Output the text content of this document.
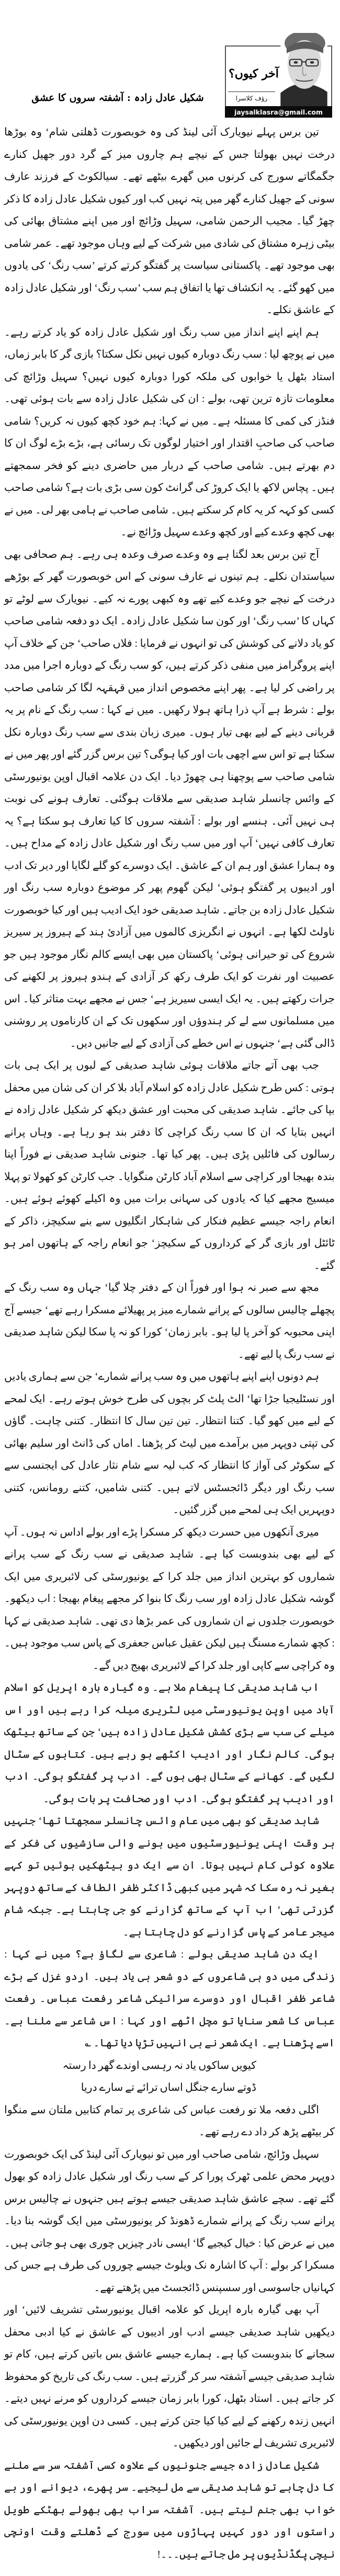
آخر کیوں؟
رؤف کلاسرا
jaysalklasra@gmail.com
شکیل عادل زادہ : آشفتہ سروں کا عشق

تین برس پہلے نیویارک آئی لینڈ کی وہ خوبصورت ڈھلتی شام‘ وہ بوڑھا درخت نہیں بھولتا جس کے نیچے ہم چاروں میز کے گرد دور جھیل کنارے جگمگاتے سورج کی کرنوں میں گھرے بیٹھے تھے۔ سیالکوٹ کے فرزند عارف سونی کے جھیل کنارے گھر میں پتہ نہیں کب اور کیوں شکیل عادل زادہ کا ذکر چھڑ گیا۔ مجیب الرحمن شامی، سہیل وڑائچ اور میں اپنے مشتاق بھائی کی بیٹی زہرہ مشتاق کی شادی میں شرکت کے لیے وہاں موجود تھے۔ عمر شامی بھی موجود تھے۔ پاکستانی سیاست پر گفتگو کرتے کرتے ’سب رنگ‘ کی یادوں میں کھو گئے۔ یہ انکشاف تھا یا اتفاق ہم سب ’سب رنگ‘ اور شکیل عادل زادہ کے عاشق نکلے۔

ہم اپنے اپنے انداز میں سب رنگ اور شکیل عادل زادہ کو یاد کرتے رہے۔ میں نے پوچھ لیا : سب رنگ دوبارہ کیوں نہیں نکل سکتا؟ بازی گر کا بابر زماں، استاد بٹھل یا خوابوں کی ملکہ کورا دوبارہ کیوں نہیں؟ سہیل وڑائچ کی معلومات تازہ ترین تھی، بولے : ان کی شکیل عادل زادہ سے بات ہوئی تھی۔ فنڈز کی کمی کا مسئلہ ہے۔ میں نے کہا: ہم خود کچھ کیوں نہ کریں؟ شامی صاحب کی صاحبِ اقتدار اور اختیار لوگوں تک رسائی ہے، بڑے بڑے لوگ ان کا دم بھرتے ہیں۔ شامی صاحب کے دربار میں حاضری دینے کو فخر سمجھتے ہیں۔ پچاس لاکھ یا ایک کروڑ کی گرانٹ کون سی بڑی بات ہے؟ شامی صاحب کسی کو کہہ کر یہ کام کر سکتے ہیں۔ شامی صاحب نے ہامی بھر لی۔ میں نے بھی کچھ وعدے کیے اور کچھ وعدے سہیل وڑائچ نے۔

آج تین برس بعد لگتا ہے وہ وعدے صرف وعدہ ہی رہے۔ ہم صحافی بھی سیاستدان نکلے۔ ہم تینوں نے عارف سونی کے اس خوبصورت گھر کے بوڑھے درخت کے نیچے جو وعدے کیے تھے وہ کبھی پورے نہ کیے۔ نیویارک سے لوٹے تو کہاں کا ’سب رنگ‘ اور کون سا شکیل عادل زادہ۔ ایک دو دفعہ شامی صاحب کو یاد دلانے کی کوشش کی تو انہوں نے فرمایا : فلاں صاحب‘ جن کے خلاف آپ اپنے پروگرامز میں منفی ذکر کرتے ہیں، کو سب رنگ کے دوبارہ اجرا میں مدد پر راضی کر لیا ہے۔ پھر اپنے مخصوص انداز میں قہقہہ لگا کر شامی صاحب بولے : شرط ہے آپ ذرا ہاتھ ہولا رکھیں۔ میں نے کہا : سب رنگ کے نام پر یہ قربانی دینے کے لیے بھی تیار ہوں۔ میری زبان بندی سے سب رنگ دوبارہ نکل سکتا ہے تو اس سے اچھی بات اور کیا ہوگی؟ تین برس گزر گئے اور پھر میں نے شامی صاحب سے پوچھنا ہی چھوڑ دیا۔ ایک دن علامہ اقبال اوپن یونیورسٹی کے وائس چانسلر شاہد صدیقی سے ملاقات ہوگئی۔ تعارف ہونے کی نوبت ہی نہیں آئی۔ ہنسے اور بولے : آشفتہ سروں کا کیا تعارف ہو سکتا ہے؟ یہ تعارف کافی نہیں‘ آپ اور میں سب رنگ اور شکیل عادل زادہ کے مداح ہیں۔ وہ ہمارا عشق اور ہم ان کے عاشق۔ ایک دوسرے کو گلے لگایا اور دیر تک ادب اور ادیبوں پر گفتگو ہوئی‘ لیکن گھوم پھر کر موضوع دوبارہ سب رنگ اور شکیل عادل زادہ بن جاتے۔ شاہد صدیقی خود ایک ادیب ہیں اور کیا خوبصورت ناولٹ لکھا ہے۔ انہوں نے انگریزی کالموں میں آزادیٔ ہند کے ہیروز پر سیریز شروع کی تو حیرانی ہوئی‘ پاکستان میں بھی ایسے کالم نگار موجود ہیں جو عصبیت اور نفرت کو ایک طرف رکھ کر آزادی کے ہندو ہیروز پر لکھنے کی جرات رکھتے ہیں۔ یہ ایک ایسی سیریز ہے‘ جس نے مجھے بہت متاثر کیا۔ اس میں مسلمانوں سے لے کر ہندوؤں اور سکھوں تک کے ان کارناموں پر روشنی ڈالی گئی ہے‘ جنہوں نے اس خطے کی آزادی کے لیے جانیں دیں۔

جب بھی آتے جاتے ملاقات ہوئی شاہد صدیقی کے لبوں پر ایک ہی بات ہوتی : کس طرح شکیل عادل زادہ کو اسلام آباد بلا کر ان کی شان میں محفل بپا کی جائے۔ شاہد صدیقی کی محبت اور عشق دیکھ کر شکیل عادل زادہ نے انہیں بتایا کہ ان کا سب رنگ کراچی کا دفتر بند ہو رہا ہے۔ وہاں پرانے رسالوں کی فائلیں پڑی ہیں۔ پھر کیا تھا۔ جنونی شاہد صدیقی نے فوراً اپنا بندہ بھیجا اور کراچی سے اسلام آباد کارٹن منگوایا۔ جب کارٹن کو کھولا تو پہلا میسیج مجھے کیا کہ یادوں کی سہانی برات میں وہ اکیلے کھوئے ہوئے ہیں۔ انعام راجہ جیسے عظیم فنکار کی شاہکار انگلیوں سے بنے سکیچز، ذاکر کے ٹائٹل اور بازی گر کے کرداروں کے سکیچز‘ جو انعام راجہ کے ہاتھوں امر ہو گئے۔

مجھ سے صبر نہ ہوا اور فوراً ان کے دفتر چلا گیا‘ جہاں وہ سب رنگ کے پچھلے چالیس سالوں کے پرانے شمارے میز پر پھیلائے مسکرا رہے تھے‘ جیسے آج اپنی محبوبہ کو آخر پا لیا ہو۔ بابر زمان‘ کورا کو نہ پا سکا لیکن شاہد صدیقی نے سب رنگ پا لیے تھے۔

ہم دونوں اپنے اپنے ہاتھوں میں وہ سب پرانے شمارے‘ جن سے ہماری یادیں اور نسٹلیجیا جڑا تھا‘ الٹ پلٹ کر بچوں کی طرح خوش ہوتے رہے۔ ایک لمحے کے لیے میں کھو گیا۔ کتنا انتظار۔ تین تین سال کا انتظار۔ کتنی چاہت۔ گاؤں کی تپتی دوپہر میں برآمدے میں لیٹ کر پڑھنا۔ اماں کی ڈانٹ اور سلیم بھائی کے سکوٹر کی آواز کا انتظار کہ کب لیہ سے شام نثار عادل کی ایجنسی سے سب رنگ اور دیگر ڈائجسٹس لاتے ہیں۔ کتنی شامیں، کتنے رومانس، کتنی دوپہریں ایک ہی لمحے میں گزر گئیں۔

میری آنکھوں میں حسرت دیکھ کر مسکرا پڑے اور بولے اداس نہ ہوں۔ آپ کے لیے بھی بندوبست کیا ہے۔ شاہد صدیقی نے سب رنگ کے سب پرانے شماروں کو بہترین انداز میں جلد کرا کے یونیورسٹی کی لائبریری میں ایک گوشہ شکیل عادل زادہ اور سب رنگ کا بنوا کر مجھے پیغام بھیجا : اب دیکھو۔ خوبصورت جلدوں نے ان شماروں کی عمر بڑھا دی تھی۔ شاہد صدیقی نے کہا : کچھ شمارے مسنگ ہیں لیکن عقیل عباس جعفری کے پاس سب موجود ہیں۔ وہ کراچی سے کاپی اور جلد کرا کے لائبریری بھیج دیں گے۔

اب شاہد صدیقی کا پیغام ملا ہے۔ وہ گیارہ بارہ اپریل کو اسلام آباد میں اوپن یونیورسٹی میں لٹریری میلہ کرا رہے ہیں اور اس میلے کی سب سے بڑی کشش شکیل عادل زادہ ہیں‘ جن کے ساتھ بیٹھک ہوگی۔ کالم نگار اور ادیب اکٹھے ہو رہے ہیں۔ کتابوں کے سٹال لگیں گے۔ کھانے کے سٹال بھی ہوں گے۔ ادب پر گفتگو ہوگی۔ ادب اور ادیب پر گفتگو ہوگی۔ ادب اور صحافت پر بات ہوگی۔

شاہد صدیقی کو بھی میں عام وائس چانسلر سمجھتا تھا‘ جنہیں ہر وقت اپنی یونیورسٹیوں میں ہونے والی سازشیوں کی فکر کے علاوہ کوئی کام نہیں ہوتا۔ ان سے ایک دو بیٹھکیں ہوئیں تو کہے بغیر نہ رہ سکا کہ شہر میں کبھی ڈاکٹر ظفر الطاف کے ساتھ دوپہر گزرتی تھی‘ اب آپ کے ساتھ گزارنے کو جی چاہتا ہے۔ جبکہ شام میجر عامر کے پاس گزارنے کو دل چاہتا ہے۔

ایک دن شاہد صدیقی بولے : شاعری سے لگاؤ ہے؟ میں نے کہا : زندگی میں دو ہی شاعروں کے دو شعر ہی یاد ہیں۔ اردو غزل کے بڑے شاعر ظفر اقبال اور دوسرے سرائیکی شاعر رفعت عباس۔ رفعت عباس کا شعر سنایا تو مچل اٹھے اور کہا : اس شاعر سے ملنا ہے۔ اسے پڑھنا ہے۔ ایک شعر نے ہی انہیں تڑپا دیا تھا۔ ؎

کیویں ساکوں یاد نہ رہسی اوندے گھر دا رستہ

ڈوتے سارے جنگل اساں ترائے تے سارے دریا

اگلی دفعہ ملا تو رفعت عباس کی شاعری پر تمام کتابیں ملتان سے منگوا کر بیٹھے پڑھ کر داد دے رہے تھے۔

سہیل وڑائچ، شامی صاحب اور میں تو نیویارک آئی لینڈ کی ایک خوبصورت دوپہر محض علمی ٹھرک پورا کر کے سب رنگ اور شکیل عادل زادہ کو بھول گئے تھے۔ سچے عاشق شاہد صدیقی جیسے ہوتے ہیں جنہوں نے چالیس برس پرانے سب رنگ کے پرانے شمارے ڈھونڈ کر یونیورسٹی میں ایک گوشہ بنا دیا۔ میں نے عرض کیا : خیال کیجیے گا‘ ایسی نادر چیزیں چوری بھی ہو جاتی ہیں۔ مسکرا کر بولے : آپ کا اشارہ نک ویلوٹ جیسے چوروں کی طرف ہے جس کی کہانیاں جاسوسی اور سسپنس ڈائجسٹ میں پڑھتے تھے۔

آپ بھی گیارہ بارہ اپریل کو علامہ اقبال یونیورسٹی تشریف لائیں‘ اور دیکھیں شاہد صدیقی جیسے ادب اور ادیبوں کے عاشق نے کیا ادبی محفل سجانے کا بندوبست کیا ہے۔ ہمارے جیسے عاشق بس باتیں کرتے ہیں، کام تو شاہد صدیقی جیسے آشفتہ سر کر گزرتے ہیں۔ سب رنگ کی تاریخ کو محفوظ کر جاتے ہیں۔ استاد بٹھل، کورا بابر زمان جیسے کرداروں کو مرنے نہیں دیتے۔ انہیں زندہ رکھنے کے لیے کیا کیا جتن کرتے ہیں۔ کسی دن اوپن یونیورسٹی کی لائبریری تشریف لے جائیں اور دیکھیں۔

شکیل عادل زادہ جیسے جنونیوں کے علاوہ کسی آشفتہ سر سے ملنے کا دل چاہے تو شاہد صدیقی سے مل لیجیے۔ سر پھرے، دیوانے اور بے خواب بھی جنم لیتے ہیں۔ آشفتہ سراب بھی بھولے بھٹکے طویل راستوں اور دور کہیں پہاڑوں میں سورج کے ڈھلتے وقت اونچی نیچی پگڈنڈیوں پر مل جاتے ہیں۔۔۔!
